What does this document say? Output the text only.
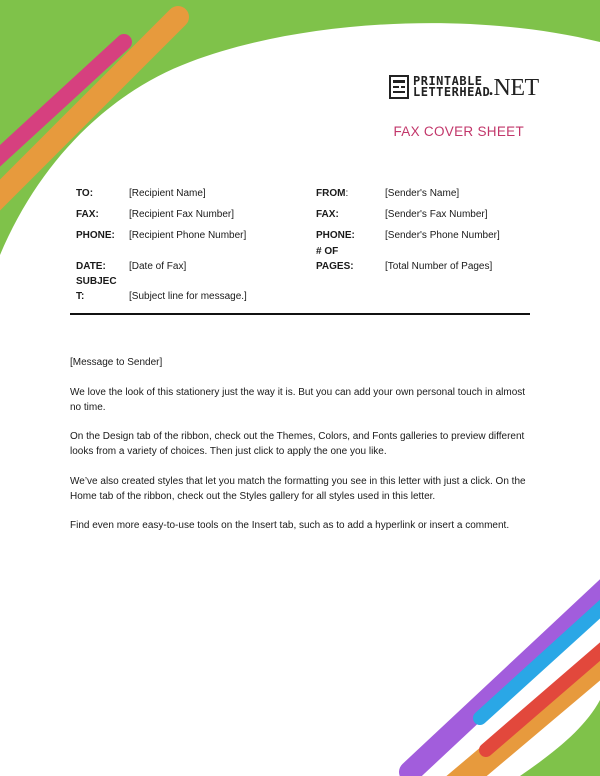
PRINTABLE
LETTERHEAD
.NET
FAX COVER SHEET
TO:	[Recipient Name]
FAX:	[Recipient Fax Number]
PHONE: [Recipient Phone Number]
DATE: [Date of Fax]
SUBJEC
T:	[Subject line for message.]
FROM:	[Sender's Name]
FAX:	[Sender's Fax Number]
PHONE:	[Sender's Phone Number]
# OF
PAGES:	[Total Number of Pages]

[Message to Sender]

We love the look of this stationery just the way it is. But you can add your own personal touch in almost no time.

On the Design tab of the ribbon, check out the Themes, Colors, and Fonts galleries to preview different looks from a variety of choices. Then just click to apply the one you like.

We’ve also created styles that let you match the formatting you see in this letter with just a click. On the Home tab of the ribbon, check out the Styles gallery for all styles used in this letter.

Find even more easy-to-use tools on the Insert tab, such as to add a hyperlink or insert a comment.
